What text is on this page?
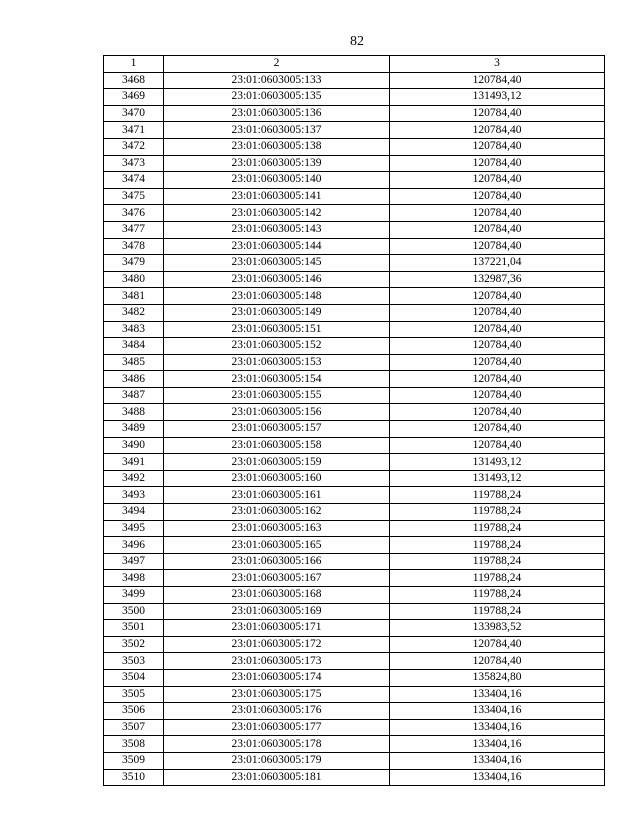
82
1	2	3
3468	23:01:0603005:133	120784,40
3469	23:01:0603005:135	131493,12
3470	23:01:0603005:136	120784,40
3471	23:01:0603005:137	120784,40
3472	23:01:0603005:138	120784,40
3473	23:01:0603005:139	120784,40
3474	23:01:0603005:140	120784,40
3475	23:01:0603005:141	120784,40
3476	23:01:0603005:142	120784,40
3477	23:01:0603005:143	120784,40
3478	23:01:0603005:144	120784,40
3479	23:01:0603005:145	137221,04
3480	23:01:0603005:146	132987,36
3481	23:01:0603005:148	120784,40
3482	23:01:0603005:149	120784,40
3483	23:01:0603005:151	120784,40
3484	23:01:0603005:152	120784,40
3485	23:01:0603005:153	120784,40
3486	23:01:0603005:154	120784,40
3487	23:01:0603005:155	120784,40
3488	23:01:0603005:156	120784,40
3489	23:01:0603005:157	120784,40
3490	23:01:0603005:158	120784,40
3491	23:01:0603005:159	131493,12
3492	23:01:0603005:160	131493,12
3493	23:01:0603005:161	119788,24
3494	23:01:0603005:162	119788,24
3495	23:01:0603005:163	119788,24
3496	23:01:0603005:165	119788,24
3497	23:01:0603005:166	119788,24
3498	23:01:0603005:167	119788,24
3499	23:01:0603005:168	119788,24
3500	23:01:0603005:169	119788,24
3501	23:01:0603005:171	133983,52
3502	23:01:0603005:172	120784,40
3503	23:01:0603005:173	120784,40
3504	23:01:0603005:174	135824,80
3505	23:01:0603005:175	133404,16
3506	23:01:0603005:176	133404,16
3507	23:01:0603005:177	133404,16
3508	23:01:0603005:178	133404,16
3509	23:01:0603005:179	133404,16
3510	23:01:0603005:181	133404,16
